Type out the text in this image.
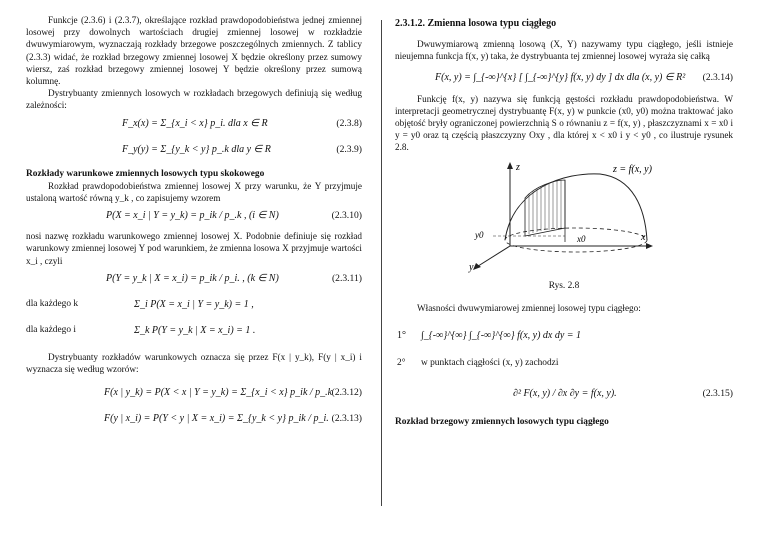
Funkcje (2.3.6) i (2.3.7), określające rozkład prawdopodobieństwa jednej zmiennej losowej przy dowolnych wartościach drugiej zmiennej losowej w rozkładzie dwuwymiarowym, wyznaczają rozkłady brzegowe poszczególnych zmiennych. Z tablicy (2.3.3) widać, że rozkład brzegowy zmiennej losowej X będzie określony przez sumowy wiersz, zaś rozkład brzegowy zmiennej losowej Y będzie określony przez sumową kolumnę.

Dystrybuanty zmiennych losowych w rozkładach brzegowych definiują się według zależności:

F_x(x) = Σ_{x_i < x} p_i. dla x ∈ R	(2.3.8)
F_y(y) = Σ_{y_k < y} p_.k dla y ∈ R	(2.3.9)

Rozkłady warunkowe zmiennych losowych typu skokowego

Rozkład prawdopodobieństwa zmiennej losowej X przy warunku, że Y przyjmuje ustaloną wartość równą y_k , co zapisujemy wzorem

P(X = x_i | Y = y_k) = p_ik / p_.k , (i ∈ N)	(2.3.10)

nosi nazwę rozkładu warunkowego zmiennej losowej X. Podobnie definiuje się rozkład warunkowy zmiennej losowej Y pod warunkiem, że zmienna losowa X przyjmuje wartości x_i , czyli

P(Y = y_k | X = x_i) = p_ik / p_i. , (k ∈ N)	(2.3.11)
dla każdego k	Σ_i P(X = x_i | Y = y_k) = 1 ,
dla każdego i	Σ_k P(Y = y_k | X = x_i) = 1 .

Dystrybuanty rozkładów warunkowych oznacza się przez F(x | y_k), F(y | x_i) i wyznacza się według wzorów:

F(x | y_k) = P(X < x | Y = y_k) = Σ_{x_i < x} p_ik / p_.k (2.3.12)
F(y | x_i) = P(Y < y | X = x_i) = Σ_{y_k < y} p_ik / p_i. (2.3.13)

2.3.1.2. Zmienna losowa typu ciągłego

Dwuwymiarową zmienną losową (X, Y) nazywamy typu ciągłego, jeśli istnieje nieujemna funkcja f(x, y) taka, że dystrybuanta tej zmiennej losowej wyraża się całką

F(x, y) = ∫_{-∞}^{x} [ ∫_{-∞}^{y} f(x, y) dy ] dx dla (x, y) ∈ R² (2.3.14)

Funkcję f(x, y) nazywa się funkcją gęstości rozkładu prawdopodobieństwa. W interpretacji geometrycznej dystrybuantę F(x, y) w punkcie (x0, y0) można traktować jako objętość bryły ograniczonej powierzchnią S o równaniu z = f(x, y) , płaszczyznami x = x0 i y = y0 oraz tą częścią płaszczyzny Oxy , dla której x < x0 i y < y0 , co ilustruje rysunek 2.8.

z	z = f(x, y)
x
x0
y0
y

Rys. 2.8

Własności dwuwymiarowej zmiennej losowej typu ciągłego:

1° ∫_{-∞}^{∞} ∫_{-∞}^{∞} f(x, y) dx dy = 1
2° w punktach ciągłości (x, y) zachodzi
∂² F(x, y) / ∂x ∂y = f(x, y).	(2.3.15)

Rozkład brzegowy zmiennych losowych typu ciągłego
